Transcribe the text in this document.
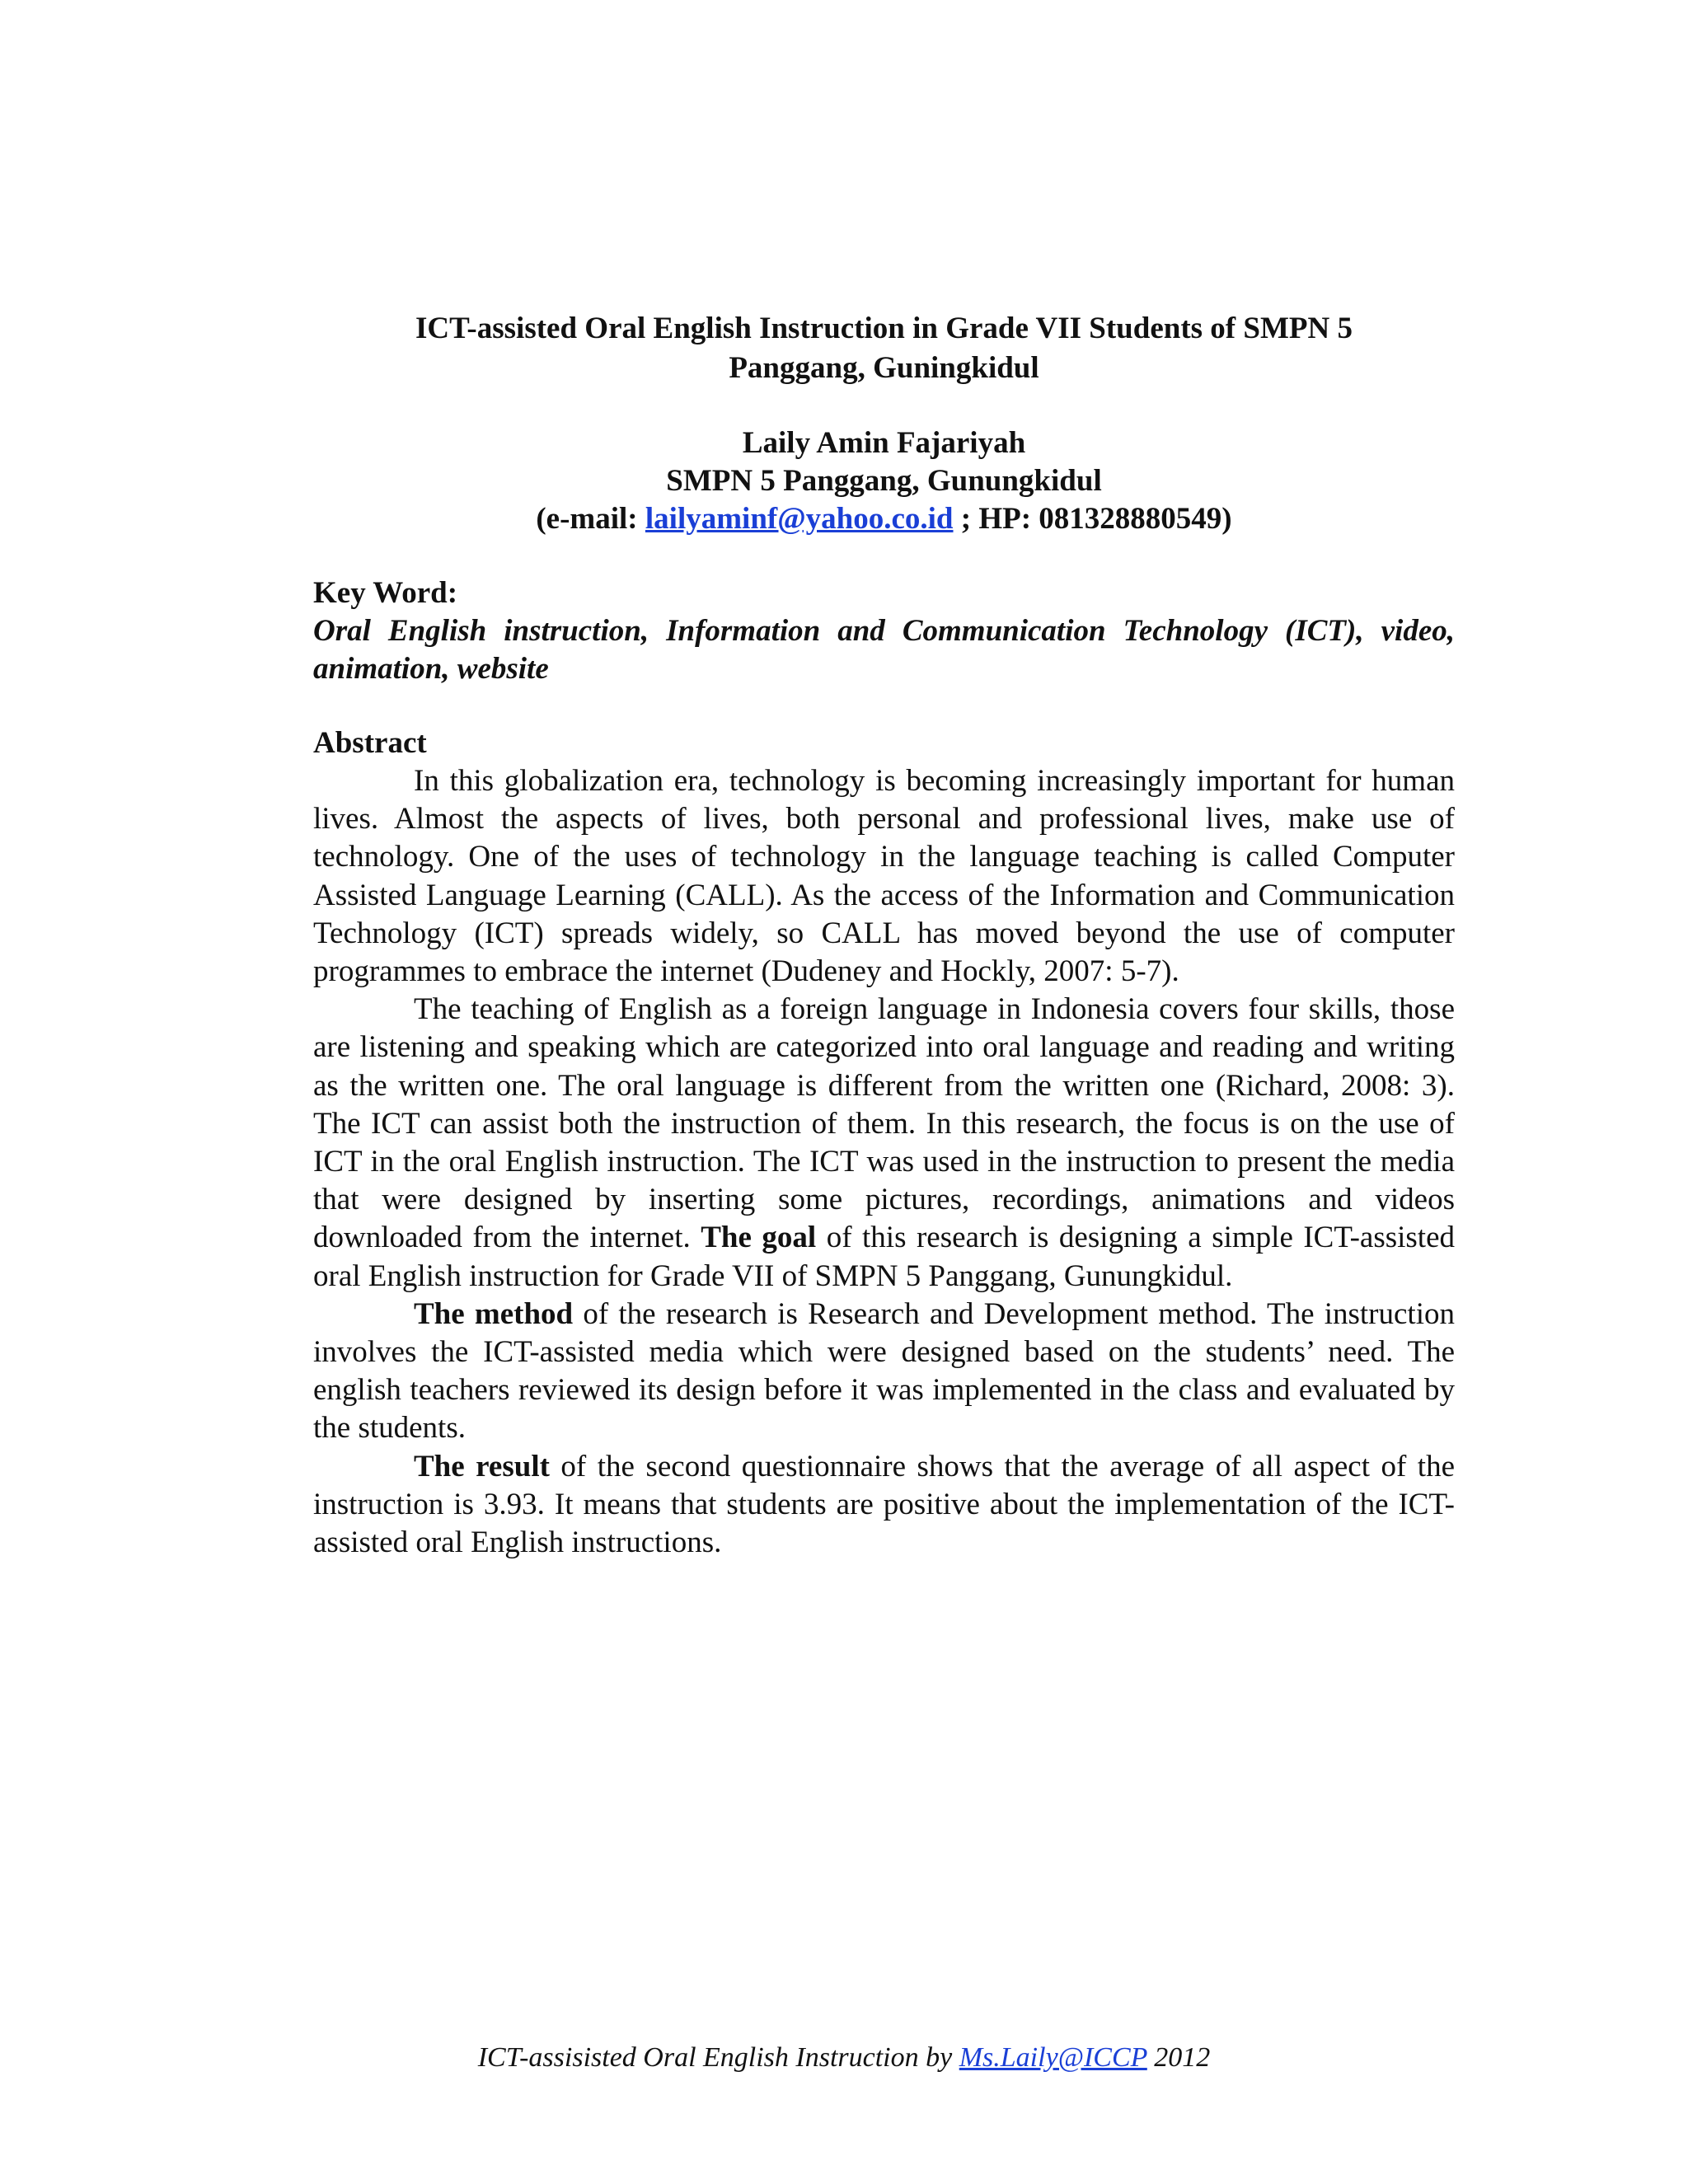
ICT-assisted Oral English Instruction in Grade VII Students of SMPN 5
Panggang, Guningkidul
Laily Amin Fajariyah
SMPN 5 Panggang, Gunungkidul
(e-mail: lailyaminf@yahoo.co.id ; HP: 081328880549)
Key Word:
Oral English instruction, Information and Communication Technology (ICT), video, animation, website
Abstract

In this globalization era, technology is becoming increasingly important for human lives. Almost the aspects of lives, both personal and professional lives, make use of technology. One of the uses of technology in the language teaching is called Computer Assisted Language Learning (CALL). As the access of the Information and Communication Technology (ICT) spreads widely, so CALL has moved beyond the use of computer programmes to embrace the internet (Dudeney and Hockly, 2007: 5-7).

The teaching of English as a foreign language in Indonesia covers four skills, those are listening and speaking which are categorized into oral language and reading and writing as the written one. The oral language is different from the written one (Richard, 2008: 3). The ICT can assist both the instruction of them. In this research, the focus is on the use of ICT in the oral English instruction. The ICT was used in the instruction to present the media that were designed by inserting some pictures, recordings, animations and videos downloaded from the internet. The goal of this research is designing a simple ICT-assisted oral English instruction for Grade VII of SMPN 5 Panggang, Gunungkidul.

The method of the research is Research and Development method. The instruction involves the ICT-assisted media which were designed based on the students’ need. The english teachers reviewed its design before it was implemented in the class and evaluated by the students.

The result of the second questionnaire shows that the average of all aspect of the instruction is 3.93. It means that students are positive about the implementation of the ICT-assisted oral English instructions.

ICT-assisisted Oral English Instruction by Ms.Laily@ICCP 2012
